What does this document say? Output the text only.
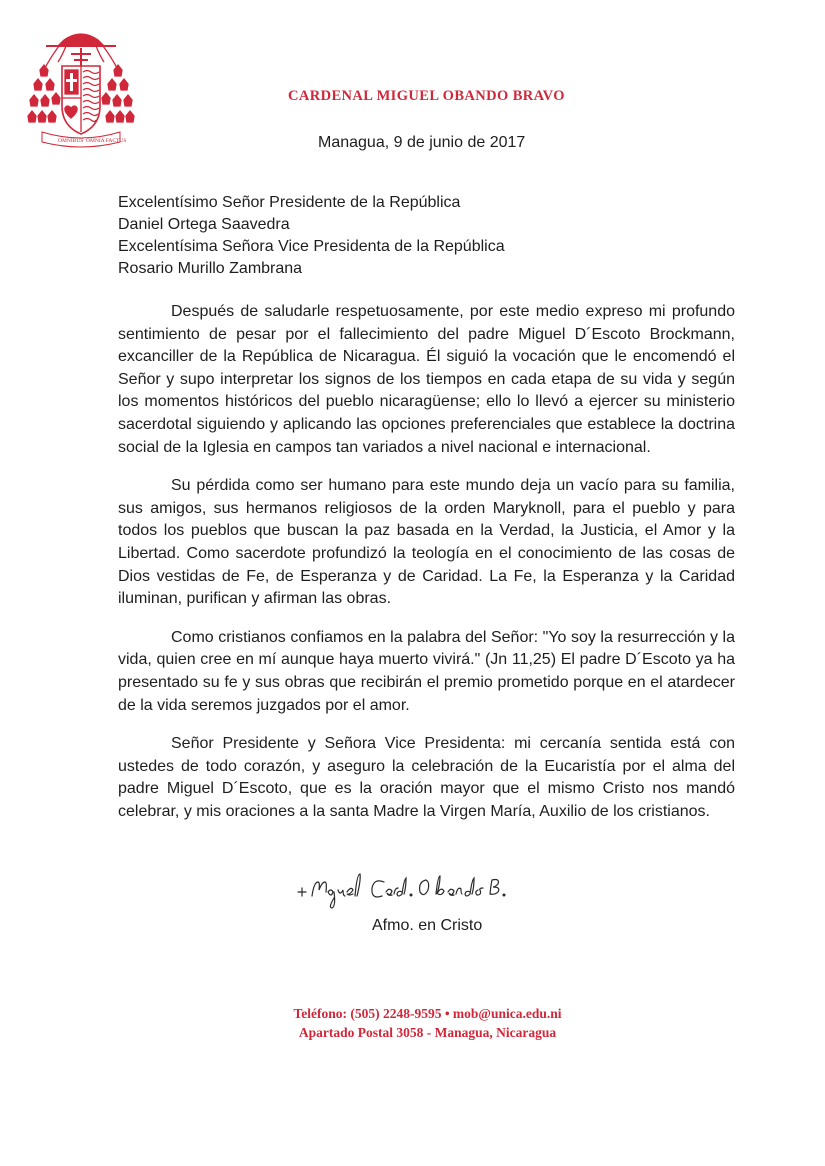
OMNIBUS OMNIA FACTUS
CARDENAL MIGUEL OBANDO BRAVO
Managua, 9 de junio de 2017
Excelentísimo Señor Presidente de la República
Daniel Ortega Saavedra
Excelentísima Señora Vice Presidenta de la República
Rosario Murillo Zambrana

Después de saludarle respetuosamente, por este medio expreso mi profundo sentimiento de pesar por el fallecimiento del padre Miguel D´Escoto Brockmann, excanciller de la República de Nicaragua. Él siguió la vocación que le encomendó el Señor y supo interpretar los signos de los tiempos en cada etapa de su vida y según los momentos históricos del pueblo nicaragüense; ello lo llevó a ejercer su ministerio sacerdotal siguiendo y aplicando las opciones preferenciales que establece la doctrina social de la Iglesia en campos tan variados a nivel nacional e internacional.

Su pérdida como ser humano para este mundo deja un vacío para su familia, sus amigos, sus hermanos religiosos de la orden Maryknoll, para el pueblo y para todos los pueblos que buscan la paz basada en la Verdad, la Justicia, el Amor y la Libertad. Como sacerdote profundizó la teología en el conocimiento de las cosas de Dios vestidas de Fe, de Esperanza y de Caridad. La Fe, la Esperanza y la Caridad iluminan, purifican y afirman las obras.

Como cristianos confiamos en la palabra del Señor: "Yo soy la resurrección y la vida, quien cree en mí aunque haya muerto vivirá." (Jn 11,25) El padre D´Escoto ya ha presentado su fe y sus obras que recibirán el premio prometido porque en el atardecer de la vida seremos juzgados por el amor.

Señor Presidente y Señora Vice Presidenta: mi cercanía sentida está con ustedes de todo corazón, y aseguro la celebración de la Eucaristía por el alma del padre Miguel D´Escoto, que es la oración mayor que el mismo Cristo nos mandó celebrar, y mis oraciones a la santa Madre la Virgen María, Auxilio de los cristianos.

Afmo. en Cristo
Teléfono: (505) 2248-9595 • mob@unica.edu.ni
Apartado Postal 3058 - Managua, Nicaragua
